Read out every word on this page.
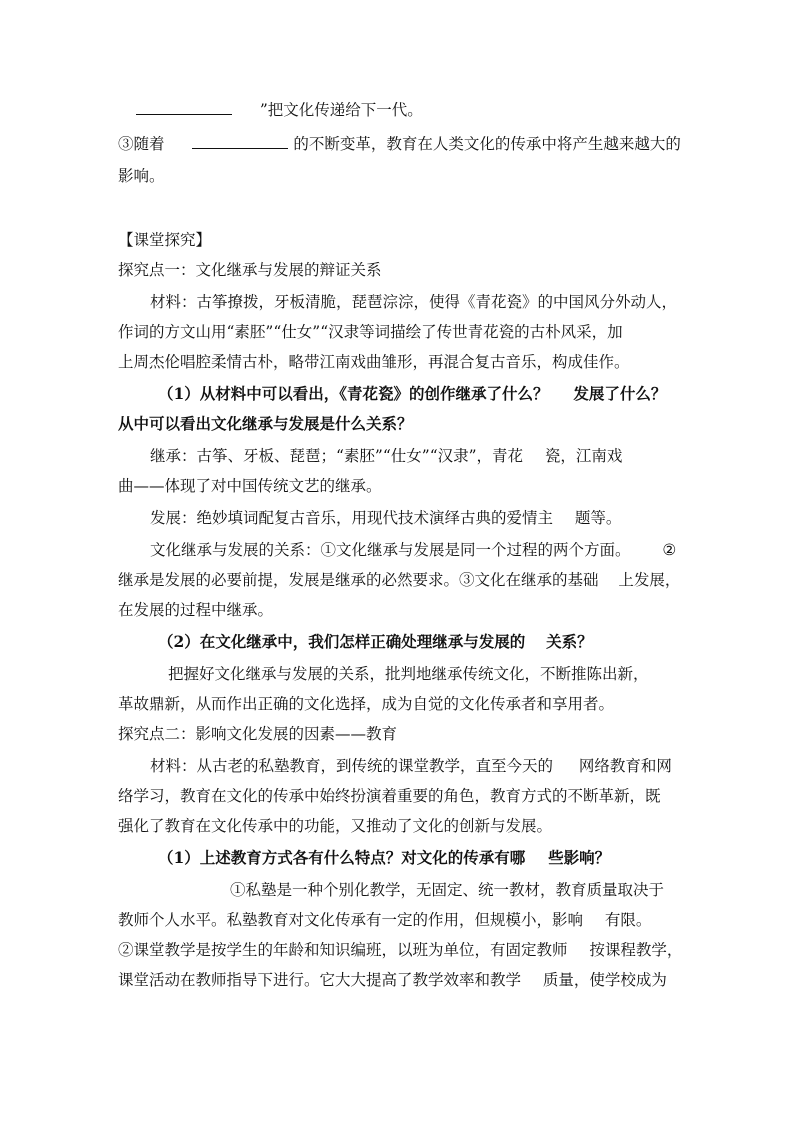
”把文化传递给下一代。
③随着	的不断变革，教育在人类文化的传承中将产生越来越大的
影响。
【课堂探究】
探究点一：文化继承与发展的辩证关系
材料：古筝撩拨，牙板清脆，琵琶淙淙，使得《青花瓷》的中国风分外动人，
作词的方文山用“素胚”“仕女”“汉隶等词描绘了传世青花瓷的古朴风采，加
上周杰伦唱腔柔情古朴，略带江南戏曲雏形，再混合复古音乐，构成佳作。
（1）从材料中可以看出，《青花瓷》的创作继承了什么？ 发展了什么？
从中可以看出文化继承与发展是什么关系？
继承：古筝、牙板、琵琶；“素胚”“仕女”“汉隶”，青花 瓷，江南戏
曲——体现了对中国传统文艺的继承。
发展：绝妙填词配复古音乐，用现代技术演绎古典的爱情主 题等。
文化继承与发展的关系：①文化继承与发展是同一个过程的两个方面。 ②
继承是发展的必要前提，发展是继承的必然要求。③文化在继承的基础 上发展，
在发展的过程中继承。
（2）在文化继承中，我们怎样正确处理继承与发展的 关系？
把握好文化继承与发展的关系，批判地继承传统文化，不断推陈出新，
革故鼎新，从而作出正确的文化选择，成为自觉的文化传承者和享用者。
探究点二：影响文化发展的因素——教育
材料：从古老的私塾教育，到传统的课堂教学，直至今天的 网络教育和网
络学习，教育在文化的传承中始终扮演着重要的角色，教育方式的不断革新，既
强化了教育在文化传承中的功能，又推动了文化的创新与发展。
（1）上述教育方式各有什么特点？对文化的传承有哪 些影响？
①私塾是一种个别化教学，无固定、统一教材，教育质量取决于
教师个人水平。私塾教育对文化传承有一定的作用，但规模小，影响 有限。
②课堂教学是按学生的年龄和知识编班，以班为单位，有固定教师 按课程教学，
课堂活动在教师指导下进行。它大大提高了教学效率和教学 质量，使学校成为
